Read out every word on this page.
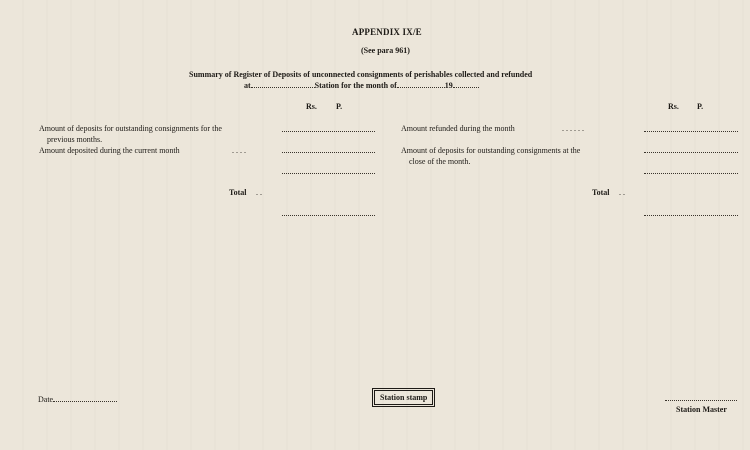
APPENDIX IX/E
(See para 961)
Summary of Register of Deposits of unconnected consignments of perishables collected and refunded
at	Station for the month of	19
Rs. P.	Rs. P.
Amount of deposits for outstanding consignments for the
previous months.
Amount deposited during the current month	. . . .
Total . .
Amount refunded during the month	. . . . . .
Amount of deposits for outstanding consignments at the
close of the month.
Total . .
Date	Station stamp
Station Master
